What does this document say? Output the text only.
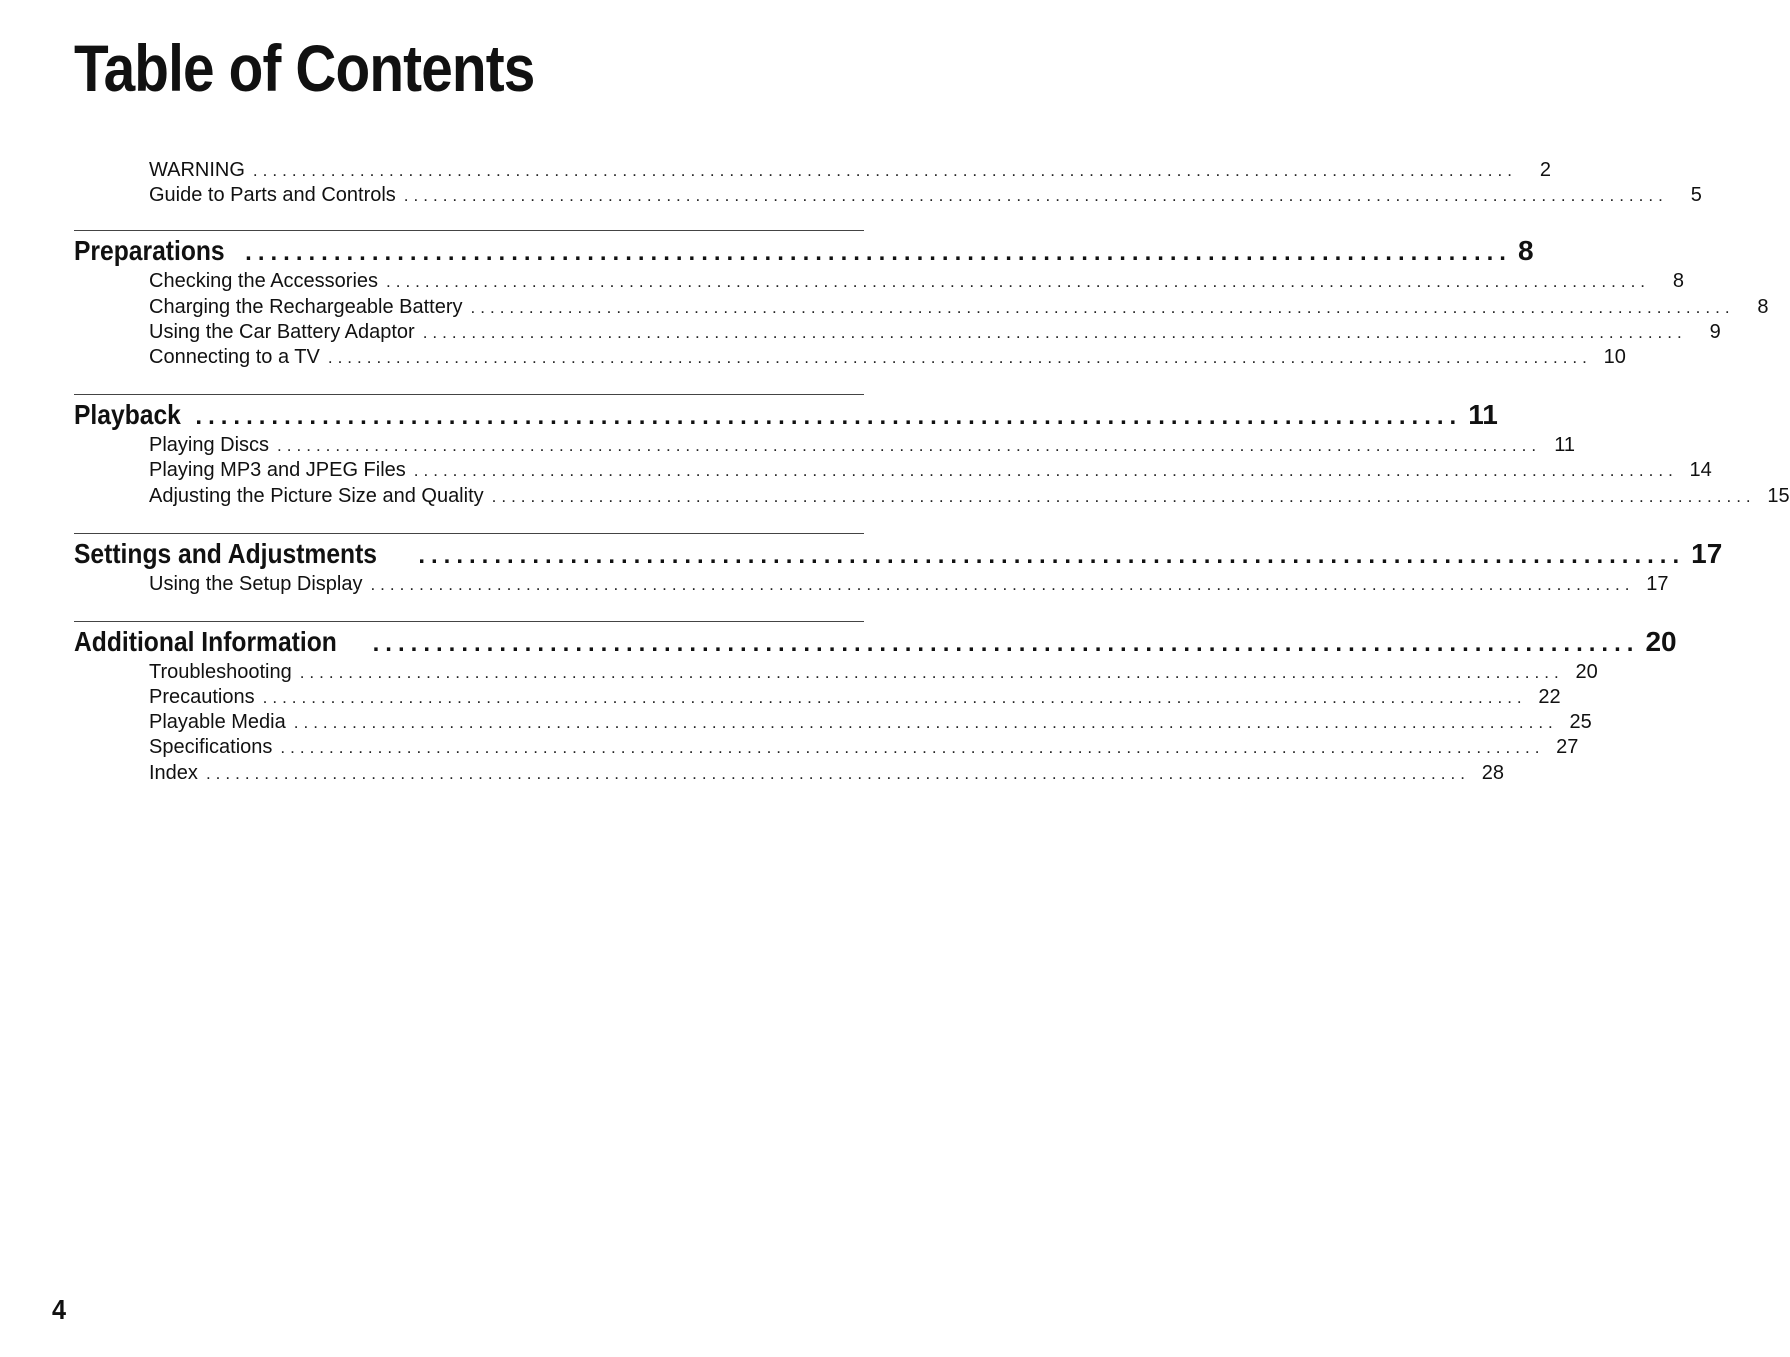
Table of Contents
WARNING ..................................................................................................................................	2
Guide to Parts and Controls ..................................................................................................................................	5
Preparations .................................................................................................... 8
Checking the Accessories ..................................................................................................................................	8
Charging the Rechargeable Battery ..................................................................................................................................	8
Using the Car Battery Adaptor ..................................................................................................................................	9
Connecting to a TV .................................................................................................................................. 10
Playback .................................................................................................... 11
Playing Discs .................................................................................................................................. 11
Playing MP3 and JPEG Files .................................................................................................................................. 14
Adjusting the Picture Size and Quality .................................................................................................................................. 15
Settings and Adjustments .................................................................................................... 17
Using the Setup Display .................................................................................................................................. 17
Additional Information .................................................................................................... 20
Troubleshooting .................................................................................................................................. 20
Precautions .................................................................................................................................. 22
Playable Media .................................................................................................................................. 25
Specifications .................................................................................................................................. 27
Index .................................................................................................................................. 28
4
